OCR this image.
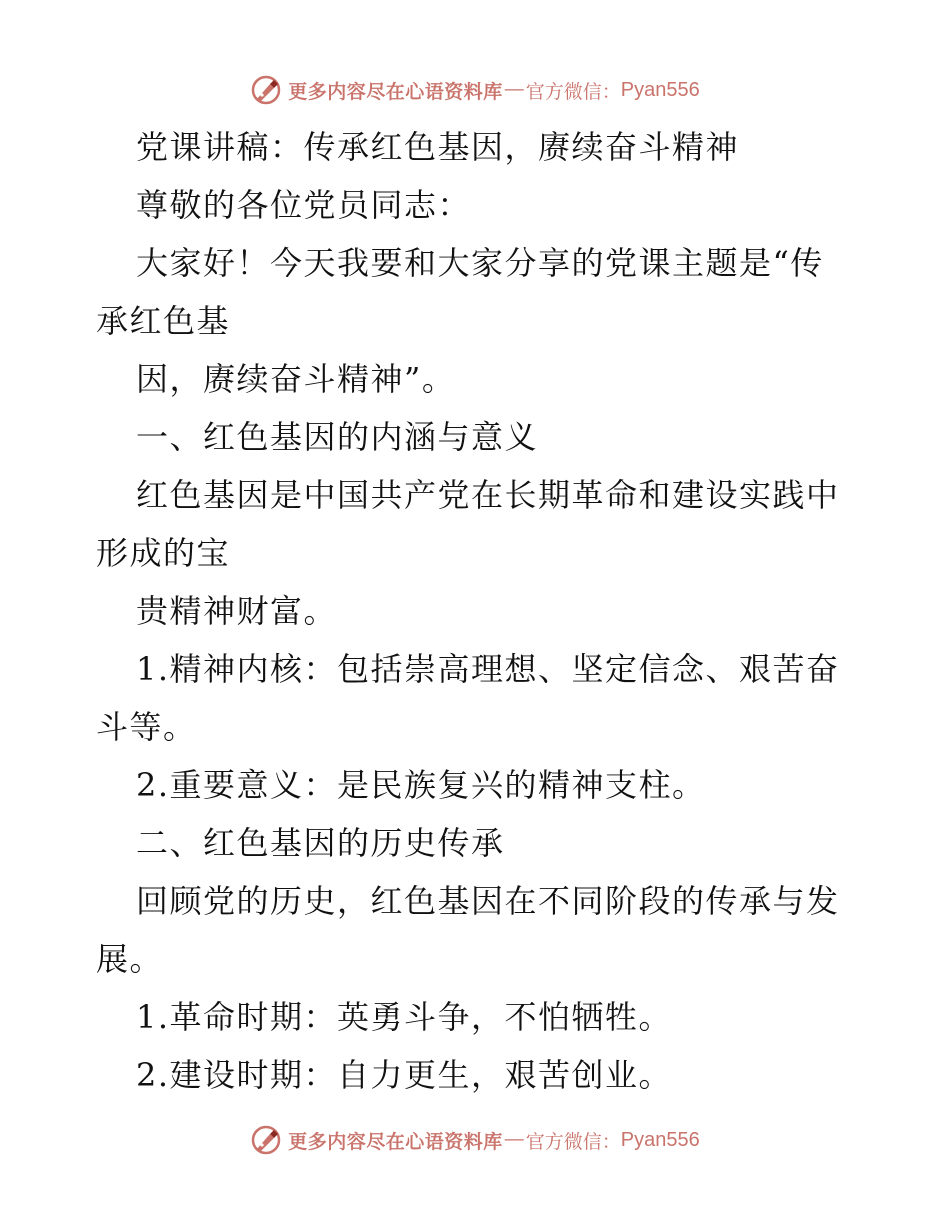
更多内容尽在心语资料库 — 官方微信： Pyan556
党课讲稿：传承红色基因，赓续奋斗精神
尊敬的各位党员同志：
大家好！今天我要和大家分享的党课主题是“传
承红色基
因，赓续奋斗精神”。
一、红色基因的内涵与意义
红色基因是中国共产党在长期革命和建设实践中
形成的宝
贵精神财富。
1.精神内核：包括崇高理想、坚定信念、艰苦奋
斗等。
2.重要意义：是民族复兴的精神支柱。
二、红色基因的历史传承
回顾党的历史，红色基因在不同阶段的传承与发
展。
1.革命时期：英勇斗争，不怕牺牲。
2.建设时期：自力更生，艰苦创业。
更多内容尽在心语资料库 — 官方微信： Pyan556
